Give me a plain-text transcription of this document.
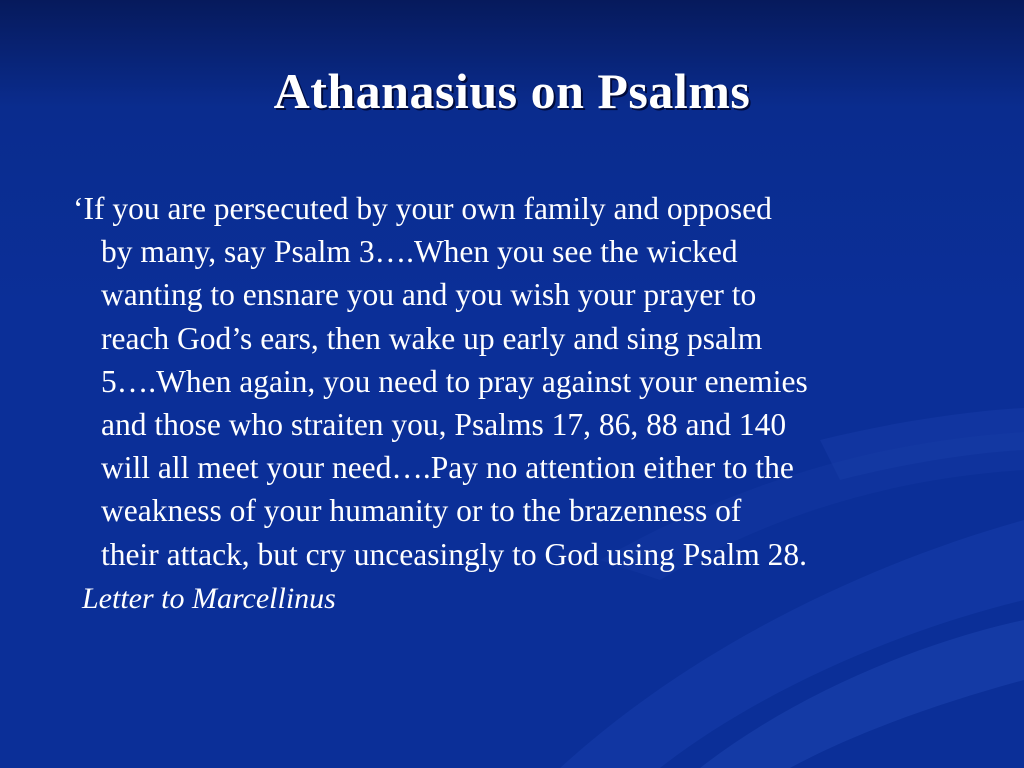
Athanasius on Psalms

‘If you are persecuted by your own family and opposed
by many, say Psalm 3….When you see the wicked
wanting to ensnare you and you wish your prayer to
reach God’s ears, then wake up early and sing psalm
5….When again, you need to pray against your enemies
and those who straiten you, Psalms 17, 86, 88 and 140
will all meet your need….Pay no attention either to the
weakness of your humanity or to the brazenness of
their attack, but cry unceasingly to God using Psalm 28.

Letter to Marcellinus
